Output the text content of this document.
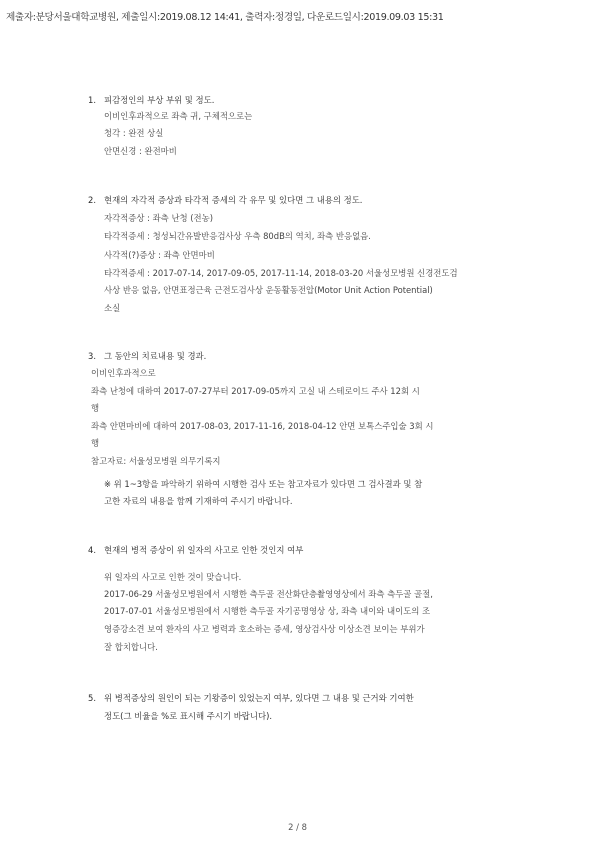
제출자:분당서울대학교병원, 제출일시:2019.08.12 14:41, 출력자:정경일, 다운로드일시:2019.09.03 15:31
1. 피감정인의 부상 부위 및 정도.
이비인후과적으로 좌측 귀, 구체적으로는
청각 : 완전 상실
안면신경 : 완전마비
2. 현재의 자각적 증상과 타각적 증세의 각 유무 및 있다면 그 내용의 정도.
자각적증상 : 좌측 난청 (전농)
타각적증세 : 청성뇌간유발반응검사상 우측 80dB의 역치, 좌측 반응없음.
사각적(?)증상 : 좌측 안면마비
타각적증세 : 2017-07-14, 2017-09-05, 2017-11-14, 2018-03-20 서울성모병원 신경전도검
사상 반응 없음, 안면표정근육 근전도검사상 운동활동전압(Motor Unit Action Potential)
소실
3. 그 동안의 치료내용 및 경과.
이비인후과적으로
좌측 난청에 대하여 2017-07-27부터 2017-09-05까지 고실 내 스테로이드 주사 12회 시
행
좌측 안면마비에 대하여 2017-08-03, 2017-11-16, 2018-04-12 안면 보톡스주입술 3회 시
행
참고자료: 서울성모병원 의무기록지
※ 위 1~3항을 파악하기 위하여 시행한 검사 또는 참고자료가 있다면 그 검사결과 및 참
고한 자료의 내용을 함께 기재하여 주시기 바랍니다.
4. 현재의 병적 증상이 위 일자의 사고로 인한 것인지 여부
위 일자의 사고로 인한 것이 맞습니다.
2017-06-29 서울성모병원에서 시행한 측두골 전산화단층촬영영상에서 좌측 측두골 골절,
2017-07-01 서울성모병원에서 시행한 측두골 자기공명영상 상, 좌측 내이와 내이도의 조
영증강소견 보여 환자의 사고 병력과 호소하는 증세, 영상검사상 이상소견 보이는 부위가
잘 합치합니다.
5. 위 병적증상의 원인이 되는 기왕증이 있었는지 여부, 있다면 그 내용 및 근거와 기여한
정도(그 비율을 %로 표시해 주시기 바랍니다).
2 / 8
